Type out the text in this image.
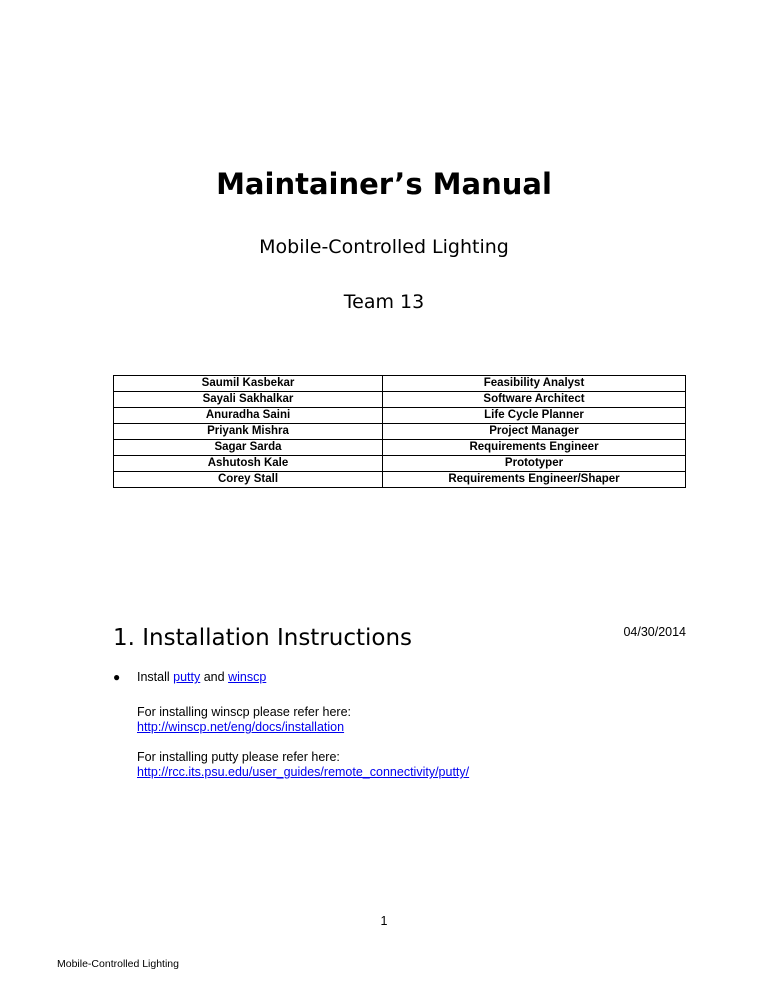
Maintainer’s Manual

Mobile-Controlled Lighting

Team 13

Saumil Kasbekar	Feasibility Analyst
Sayali Sakhalkar	Software Architect
Anuradha Saini	Life Cycle Planner
Priyank Mishra	Project Manager
Sagar Sarda	Requirements Engineer
Ashutosh Kale	Prototyper
Corey Stall	Requirements Engineer/Shaper
04/30/2014
1. Installation Instructions
●	Install putty and winscp
For installing winscp please refer here:
http://winscp.net/eng/docs/installation
For installing putty please refer here:
http://rcc.its.psu.edu/user_guides/remote_connectivity/putty/
1
Mobile-Controlled Lighting
